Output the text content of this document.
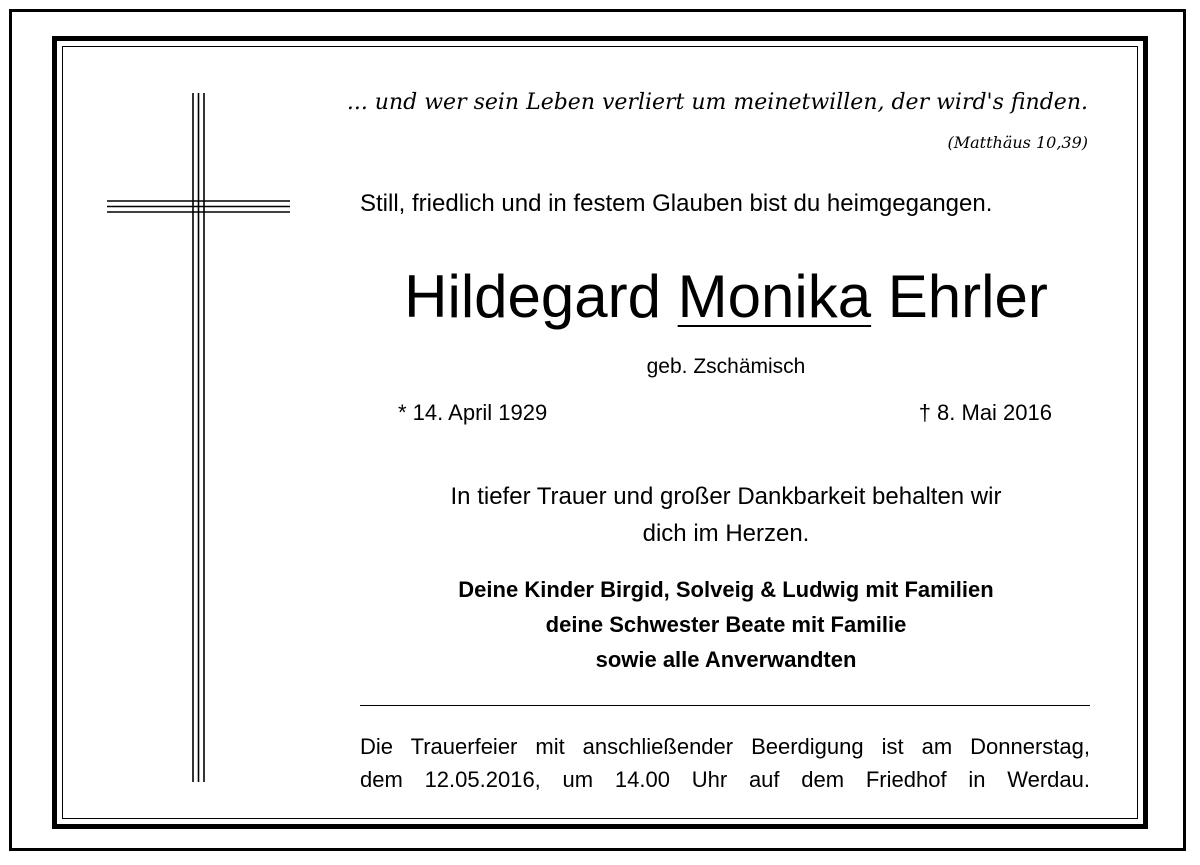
... und wer sein Leben verliert um meinetwillen, der wird's finden.
(Matthäus 10,39)
Still, friedlich und in festem Glauben bist du heimgegangen.
Hildegard Monika Ehrler
geb. Zschämisch
* 14. April 1929	† 8. Mai 2016
In tiefer Trauer und großer Dankbarkeit behalten wir
dich im Herzen.
Deine Kinder Birgid, Solveig & Ludwig mit Familien
deine Schwester Beate mit Familie
sowie alle Anverwandten
Die Trauerfeier mit anschließender Beerdigung ist am Donnerstag,
dem 12.05.2016, um 14.00 Uhr auf dem Friedhof in Werdau.
